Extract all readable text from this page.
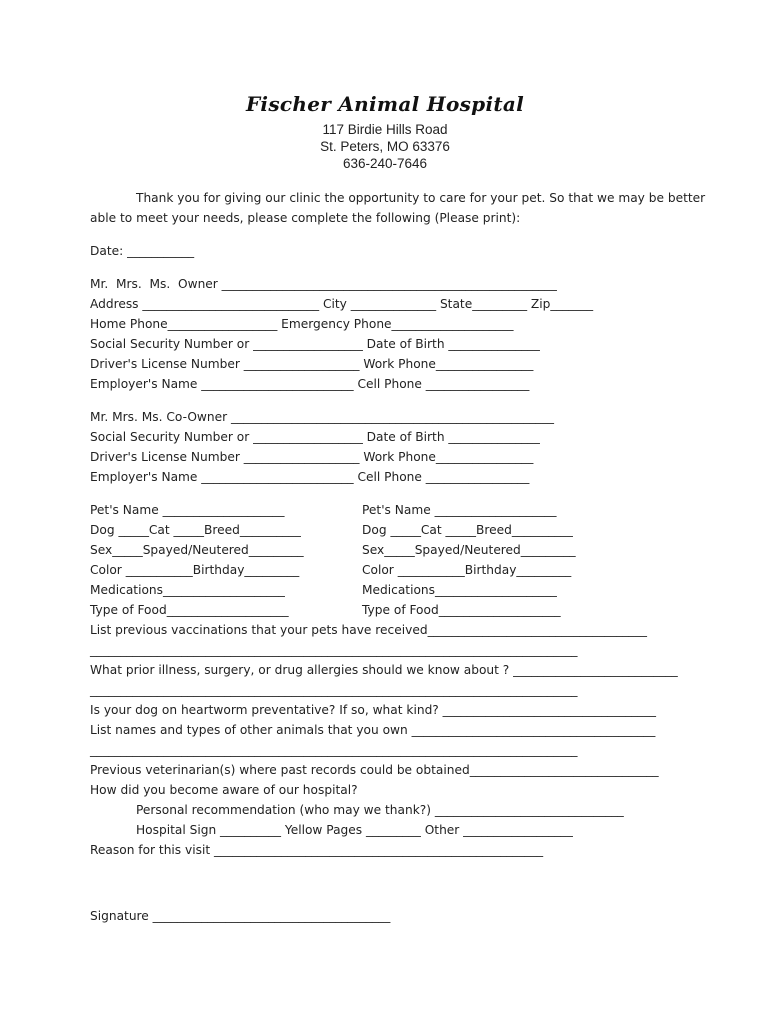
Fischer Animal Hospital
117 Birdie Hills Road
St. Peters, MO 63376
636-240-7646
Thank you for giving our clinic the opportunity to care for your pet. So that we may be better
able to meet your needs, please complete the following (Please print):
Date: ___________
Mr.  Mrs.  Ms.  Owner _______________________________________________________
Address _____________________________ City ______________ State_________ Zip_______
Home Phone__________________ Emergency Phone____________________
Social Security Number or __________________ Date of Birth _______________
Driver's License Number ___________________ Work Phone________________
Employer's Name _________________________ Cell Phone _________________
Mr. Mrs. Ms. Co-Owner _____________________________________________________
Social Security Number or __________________ Date of Birth _______________
Driver's License Number ___________________ Work Phone________________
Employer's Name _________________________ Cell Phone _________________
Pet's Name ____________________
Dog _____Cat _____Breed__________
Sex_____Spayed/Neutered_________
Color ___________Birthday_________
Medications____________________
Type of Food____________________
Pet's Name ____________________
Dog _____Cat _____Breed__________
Sex_____Spayed/Neutered_________
Color ___________Birthday_________
Medications____________________
Type of Food____________________
List previous vaccinations that your pets have received____________________________________
________________________________________________________________________________
What prior illness, surgery, or drug allergies should we know about ? ___________________________
________________________________________________________________________________
Is your dog on heartworm preventative? If so, what kind? ___________________________________
List names and types of other animals that you own ________________________________________
________________________________________________________________________________
Previous veterinarian(s) where past records could be obtained_______________________________
How did you become aware of our hospital?
Personal recommendation (who may we thank?) _______________________________
Hospital Sign __________ Yellow Pages _________ Other __________________
Reason for this visit ______________________________________________________
Signature _______________________________________
